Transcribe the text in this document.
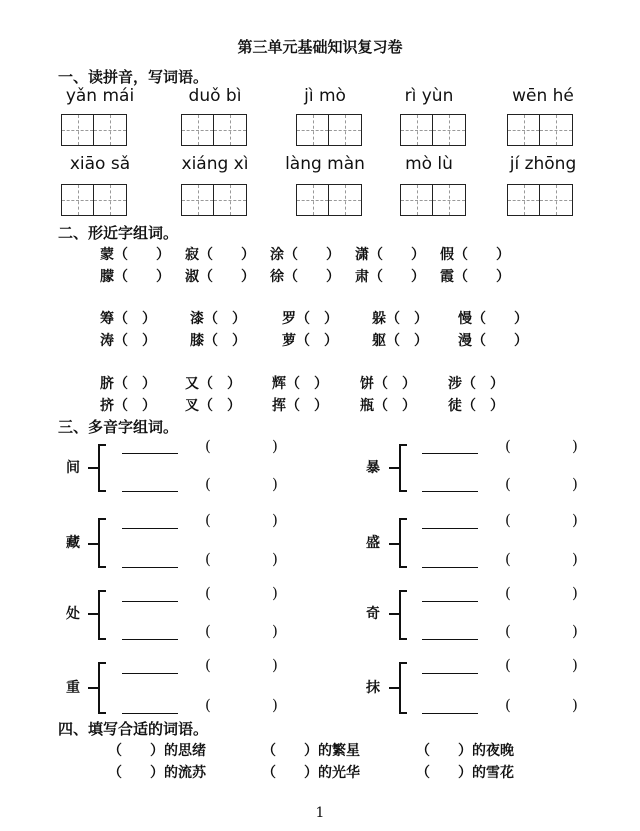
第三单元基础知识复习卷
一、读拼音，写词语。
yǎn mái	duǒ bì	jì mò	rì yùn	wēn hé
xiāo sǎ	xiáng xì	làng màn	mò lù	jí zhōng
二、形近字组词。
蒙（　　） 寂（　　） 涂（　　） 潇（　　） 假（　　）
朦（　　） 淑（　　） 徐（　　） 肃（　　） 霞（　　）
筹（　） 漆（　）	罗（　） 躲（　） 慢（　　）
涛（　） 膝（　）	萝（　） 躯（　） 漫（　　）
脐（　） 又（　） 辉（　） 饼（　） 涉（　）
挤（　） 叉（　） 挥（　） 瓶（　） 徒（　）
三、多音字组词。
间
(	)
(	)
藏
(	)
(	)
处
(	)
(	)
重
(	)
(	)
暴
(	)
(	)
盛
(	)
(	)
奇
(	)
(	)
抹
(	)
(	)
四、填写合适的词语。
（　　）的思绪	（　　）的繁星	（　　）的夜晚
（　　）的流苏	（　　）的光华	（　　）的雪花
1
